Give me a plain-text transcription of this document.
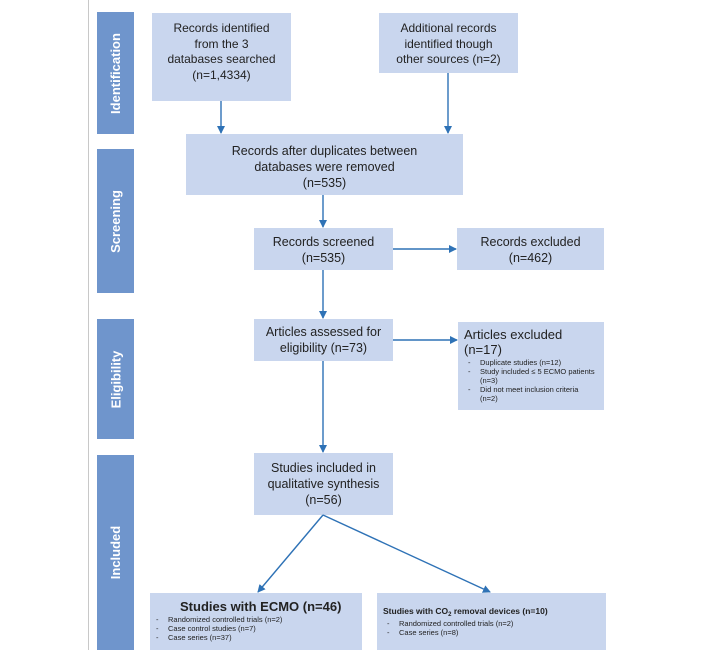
Identification
Screening
Eligibility
Included
Records identified
from the 3
databases searched
(n=1,4334)
Additional records
identified though
other sources (n=2)
Records after duplicates between
databases were removed
(n=535)
Records screened
(n=535)
Records excluded
(n=462)
Articles assessed for
eligibility (n=73)
Articles excluded (n=17)
- Duplicate studies (n=12)
- Study included ≤ 5 ECMO patients (n=3)
- Did not meet inclusion criteria (n=2)
Studies included in
qualitative synthesis
(n=56)
Studies with ECMO (n=46)
- Randomized controlled trials (n=2)
- Case control studies (n=7)
- Case series (n=37)
Studies with $CO_2$ removal devices (n=10)
- Randomized controlled trials (n=2)
- Case series (n=8)
